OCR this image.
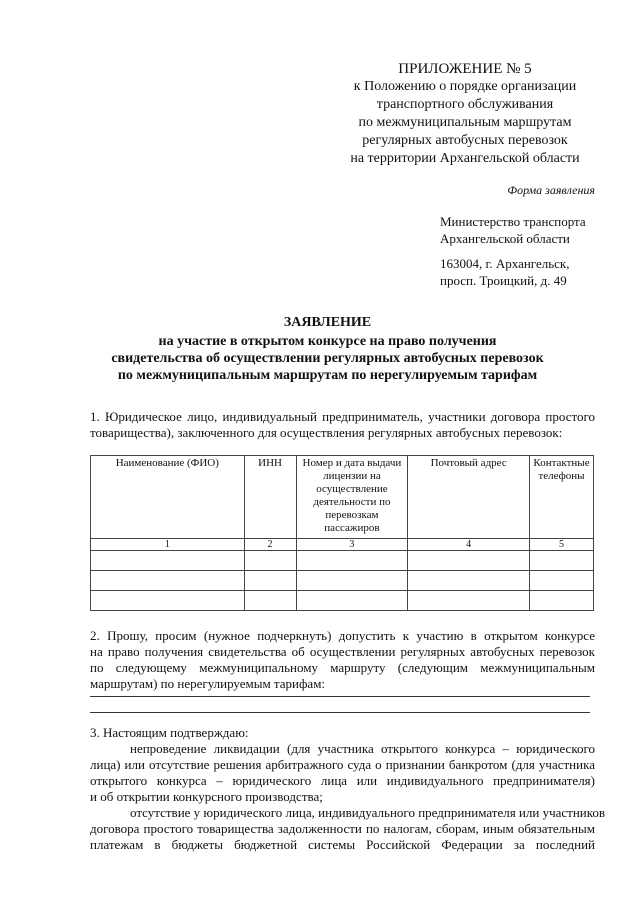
ПРИЛОЖЕНИЕ № 5
к Положению о порядке организации
транспортного обслуживания
по межмуниципальным маршрутам
регулярных автобусных перевозок
на территории Архангельской области
Форма заявления
Министерство транспорта
Архангельской области
163004, г. Архангельск,
просп. Троицкий, д. 49
ЗАЯВЛЕНИЕ
на участие в открытом конкурсе на право получения
свидетельства об осуществлении регулярных автобусных перевозок
по межмуниципальным маршрутам по нерегулируемым тарифам
1. Юридическое лицо, индивидуальный предприниматель, участники договора простого
товарищества), заключенного для осуществления регулярных автобусных перевозок:
Наименование (ФИО)	ИНН	Номер и дата выдачи лицензии на осуществление деятельности по перевозкам пассажиров	Почтовый адрес	Контактные телефоны
1	2	3	4	5

2. Прошу, просим (нужное подчеркнуть) допустить к участию в открытом конкурсе
на право получения свидетельства об осуществлении регулярных автобусных перевозок
по следующему межмуниципальному маршруту (следующим межмуниципальным
маршрутам) по нерегулируемым тарифам:
3. Настоящим подтверждаю:
непроведение ликвидации (для участника открытого конкурса – юридического
лица) или отсутствие решения арбитражного суда о признании банкротом (для участника
открытого конкурса – юридического лица или индивидуального предпринимателя)
и об открытии конкурсного производства;
отсутствие у юридического лица, индивидуального предпринимателя или участников
договора простого товарищества задолженности по налогам, сборам, иным обязательным
платежам в бюджеты бюджетной системы Российской Федерации за последний
